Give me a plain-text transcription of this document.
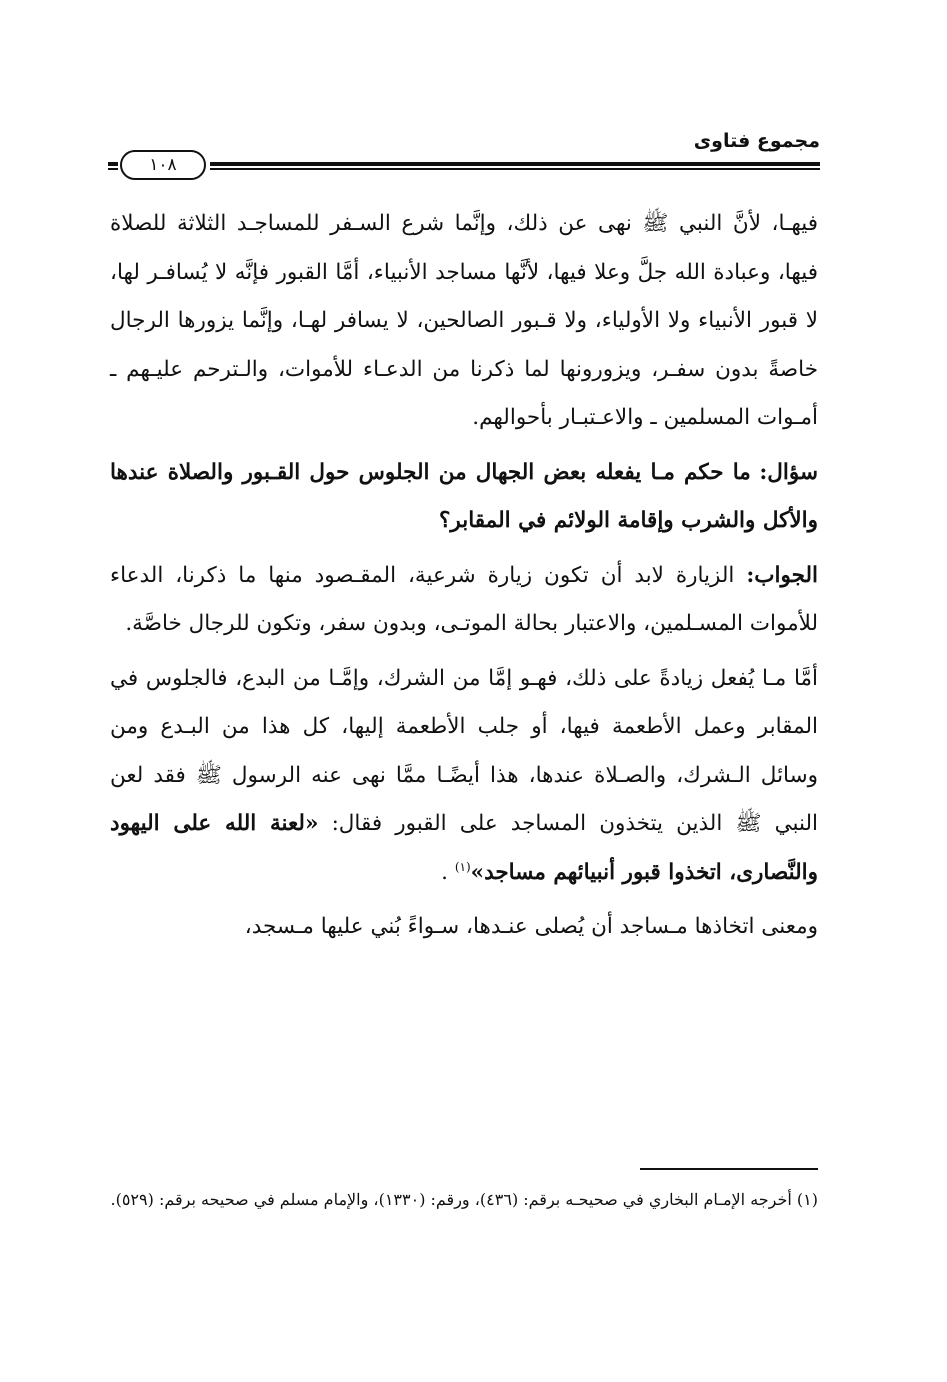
مجموع فتاوى
١٠٨

فيهـا، لأنَّ النبي ﷺ نهى عن ذلك، وإنَّما شرع السـفر للمساجـد الثلاثة للصلاة فيها، وعبادة الله جلَّ وعلا فيها، لأنَّها مساجد الأنبياء، أمَّا القبور فإنَّه لا يُسافـر لها، لا قبور الأنبياء ولا الأولياء، ولا قـبور الصالحين، لا يسافر لهـا، وإنَّما يزورها الرجال خاصةً بدون سفـر، ويزورونها لما ذكرنا من الدعـاء للأموات، والـترحم عليـهم ـ أمـوات المسلمين ـ والاعـتبـار بأحوالهم.

سؤال: ما حكم مـا يفعله بعض الجهال من الجلوس حول القـبور والصلاة عندها والأكل والشرب وإقامة الولائم في المقابر؟

الجواب: الزيارة لابد أن تكون زيارة شرعية، المقـصود منها ما ذكرنا، الدعاء للأموات المسـلمين، والاعتبار بحالة الموتـى، وبدون سفر، وتكون للرجال خاصَّة.

أمَّا مـا يُفعل زيادةً على ذلك، فهـو إمَّا من الشرك، وإمَّـا من البدع، فالجلوس في المقابر وعمل الأطعمة فيها، أو جلب الأطعمة إليها، كل هذا من البـدع ومن وسائل الـشرك، والصـلاة عندها، هذا أيضًـا ممَّا نهى عنه الرسول ﷺ فقد لعن النبي ﷺ الذين يتخذون المساجد على القبور فقال: «لعنة الله على اليهود والنَّصارى، اتخذوا قبور أنبيائهم مساجد»$^{(١)}$ .

ومعنى اتخاذها مـساجد أن يُصلى عنـدها، سـواءً بُني عليها مـسجد،

(١) أخرجه الإمـام البخاري في صحيحـه برقم: (٤٣٦)، ورقم: (١٣٣٠)، والإمام مسلم في صحيحه برقم: (٥٢٩).
